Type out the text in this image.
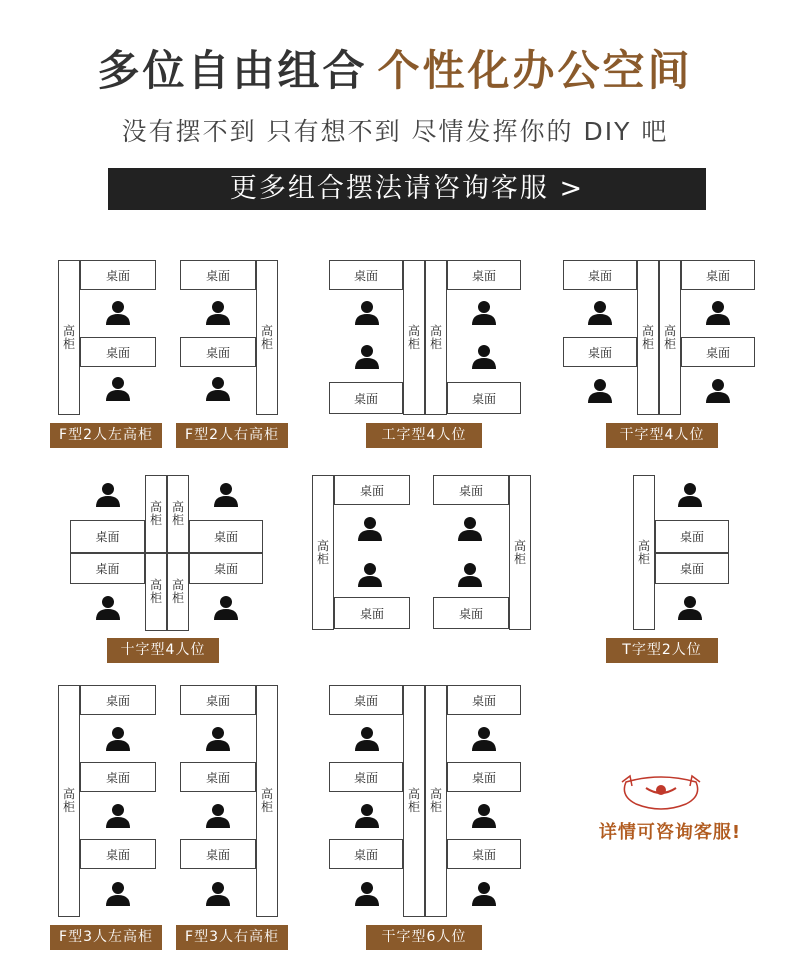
多位自由组合 个性化办公空间
没有摆不到 只有想不到 尽情发挥你的 DIY 吧
更多组合摆法请咨询客服 >
高
柜
桌面
桌面
F型2人左高柜
高
柜
桌面
桌面
F型2人右高柜
高
柜
高
柜
桌面
桌面
桌面
桌面
工字型4人位
高
柜
高
柜
桌面
桌面
桌面
桌面
干字型4人位
高
柜
高
柜
桌面	桌面
桌面	桌面
高
柜
高
柜
十字型4人位
高
柜
桌面
桌面
高
柜
桌面
桌面
高
柜
桌面
桌面
T字型2人位
高
柜
桌面
桌面
桌面
F型3人左高柜
高
柜
桌面
桌面
桌面
F型3人右高柜
高
柜
高
柜
桌面
桌面
桌面
桌面
桌面
桌面
干字型6人位
详情可咨询客服!
